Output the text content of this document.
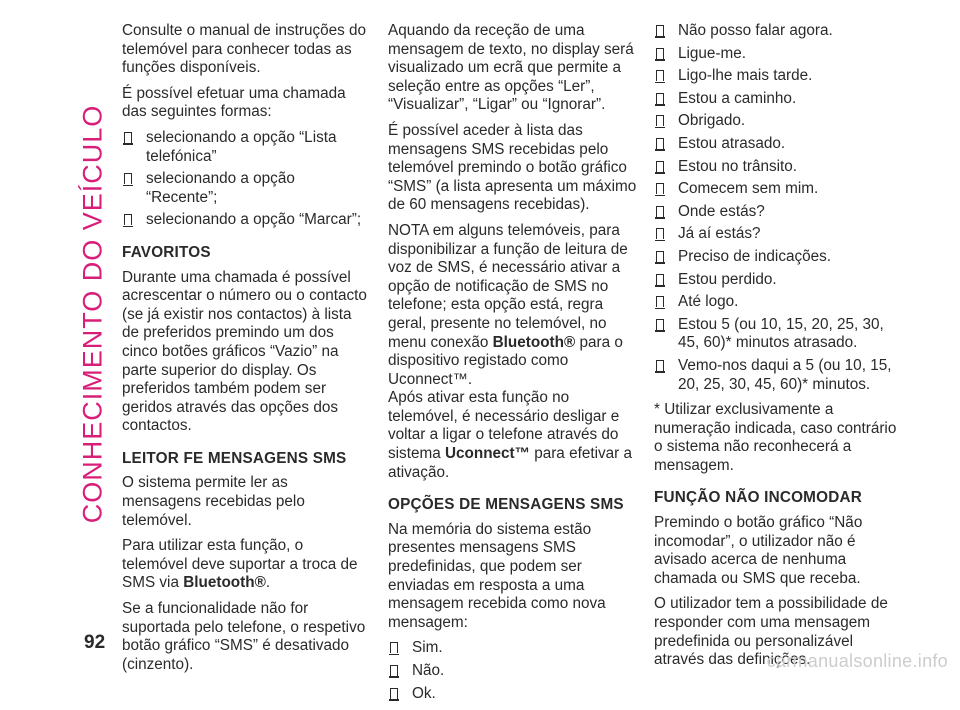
CONHECIMENTO DO VEÍCULO
92

Consulte o manual de instruções do telemóvel para conhecer todas as funções disponíveis.

É possível efetuar uma chamada das seguintes formas:

selecionando a opção “Lista telefónica”
selecionando a opção “Recente”;
selecionando a opção “Marcar”;
FAVORITOS

Durante uma chamada é possível acrescentar o número ou o contacto (se já existir nos contactos) à lista de preferidos premindo um dos cinco botões gráficos “Vazio” na parte superior do display. Os preferidos também podem ser geridos através das opções dos contactos.

LEITOR FE MENSAGENS SMS

O sistema permite ler as mensagens recebidas pelo telemóvel.

Para utilizar esta função, o telemóvel deve suportar a troca de SMS via Bluetooth®.

Se a funcionalidade não for suportada pelo telefone, o respetivo botão gráfico “SMS” é desativado (cinzento).

Aquando da receção de uma mensagem de texto, no display será visualizado um ecrã que permite a seleção entre as opções “Ler”, “Visualizar”, “Ligar” ou “Ignorar”.

É possível aceder à lista das mensagens SMS recebidas pelo telemóvel premindo o botão gráfico “SMS” (a lista apresenta um máximo de 60 mensagens recebidas).

NOTA em alguns telemóveis, para disponibilizar a função de leitura de voz de SMS, é necessário ativar a opção de notificação de SMS no telefone; esta opção está, regra geral, presente no telemóvel, no menu conexão Bluetooth® para o dispositivo registado como Uconnect™.

Após ativar esta função no telemóvel, é necessário desligar e voltar a ligar o telefone através do sistema Uconnect™ para efetivar a ativação.

OPÇÕES DE MENSAGENS SMS

Na memória do sistema estão presentes mensagens SMS predefinidas, que podem ser enviadas em resposta a uma mensagem recebida como nova mensagem:

Sim.
Não.
Ok.
Não posso falar agora.
Ligue-me.
Ligo-lhe mais tarde.
Estou a caminho.
Obrigado.
Estou atrasado.
Estou no trânsito.
Comecem sem mim.
Onde estás?
Já aí estás?
Preciso de indicações.
Estou perdido.
Até logo.
Estou 5 (ou 10, 15, 20, 25, 30, 45, 60)* minutos atrasado.
Vemo-nos daqui a 5 (ou 10, 15, 20, 25, 30, 45, 60)* minutos.

* Utilizar exclusivamente a numeração indicada, caso contrário o sistema não reconhecerá a mensagem.

FUNÇÃO NÃO INCOMODAR

Premindo o botão gráfico “Não incomodar”, o utilizador não é avisado acerca de nenhuma chamada ou SMS que receba.

O utilizador tem a possibilidade de responder com uma mensagem predefinida ou personalizável através das definições.

carmanualsonline.info
